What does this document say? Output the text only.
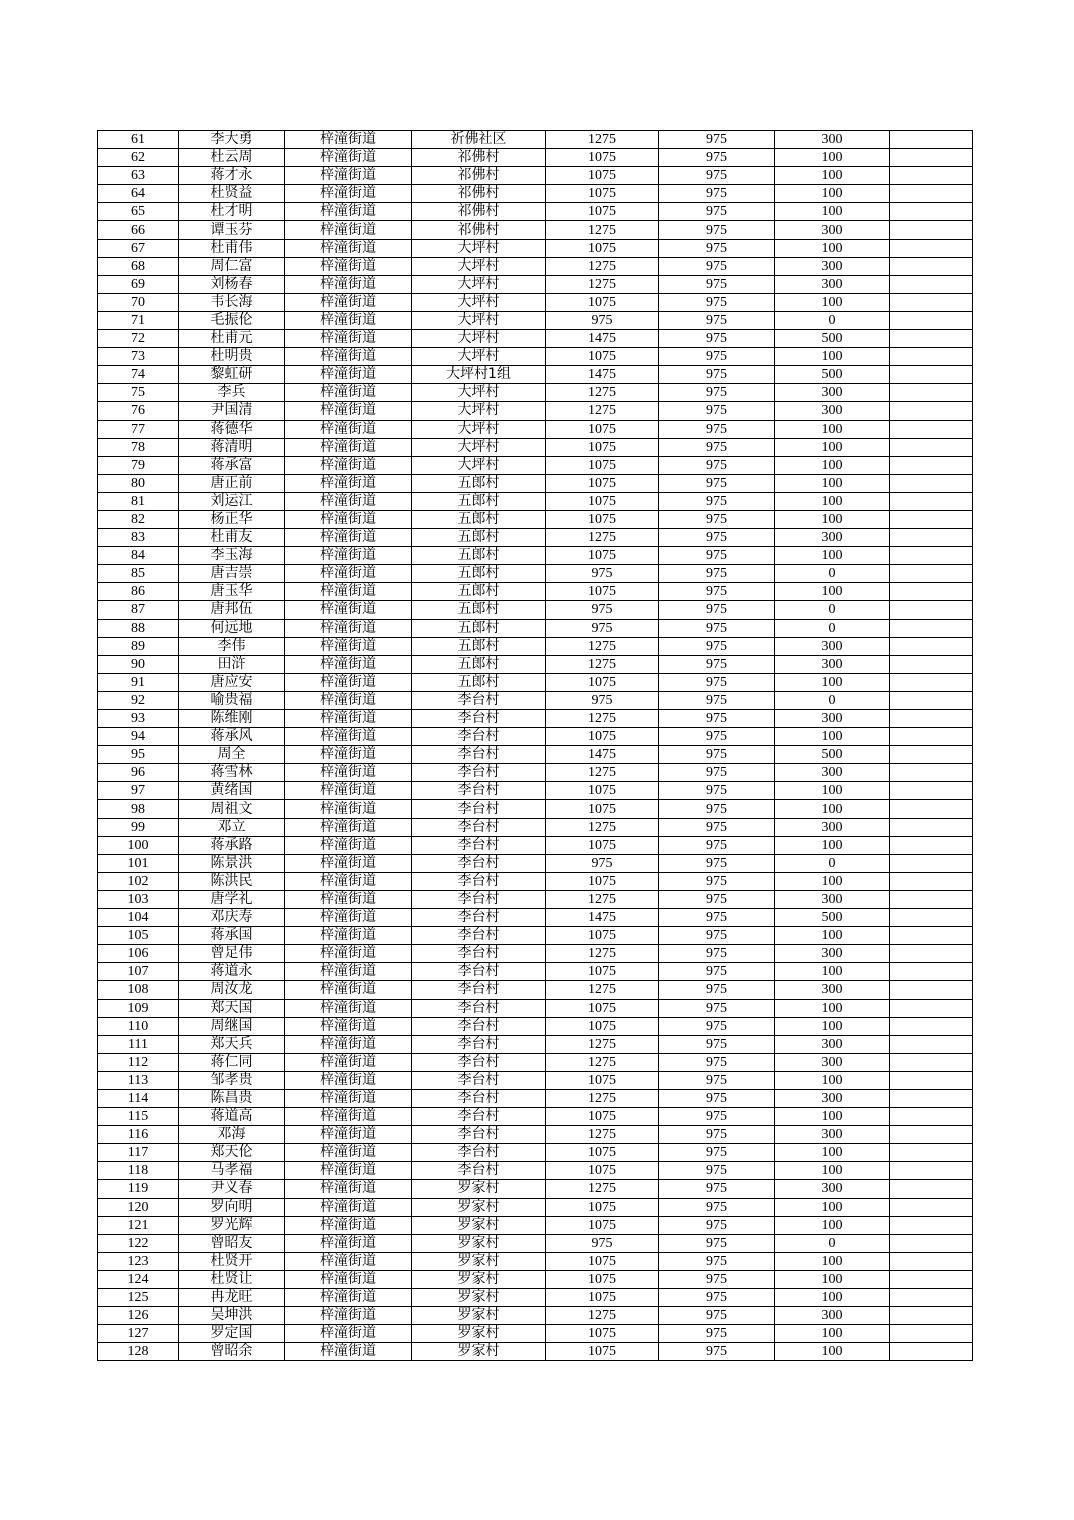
61	李大勇	梓潼街道	祈佛社区	1275	975	300	
62	杜云周	梓潼街道	祁佛村	1075	975	100	
63	蒋才永	梓潼街道	祁佛村	1075	975	100	
64	杜贤益	梓潼街道	祁佛村	1075	975	100	
65	杜才明	梓潼街道	祁佛村	1075	975	100	
66	谭玉芬	梓潼街道	祁佛村	1275	975	300	
67	杜甫伟	梓潼街道	大坪村	1075	975	100	
68	周仁富	梓潼街道	大坪村	1275	975	300	
69	刘杨春	梓潼街道	大坪村	1275	975	300	
70	韦长海	梓潼街道	大坪村	1075	975	100	
71	毛振伦	梓潼街道	大坪村	975	975	0	
72	杜甫元	梓潼街道	大坪村	1475	975	500	
73	杜明贵	梓潼街道	大坪村	1075	975	100	
74	黎虹研	梓潼街道	大坪村1组	1475	975	500	
75	李兵	梓潼街道	大坪村	1275	975	300	
76	尹国清	梓潼街道	大坪村	1275	975	300	
77	蒋德华	梓潼街道	大坪村	1075	975	100	
78	蒋清明	梓潼街道	大坪村	1075	975	100	
79	蒋承富	梓潼街道	大坪村	1075	975	100	
80	唐正前	梓潼街道	五郎村	1075	975	100	
81	刘运江	梓潼街道	五郎村	1075	975	100	
82	杨正华	梓潼街道	五郎村	1075	975	100	
83	杜甫友	梓潼街道	五郎村	1275	975	300	
84	李玉海	梓潼街道	五郎村	1075	975	100	
85	唐吉崇	梓潼街道	五郎村	975	975	0	
86	唐玉华	梓潼街道	五郎村	1075	975	100	
87	唐邦伍	梓潼街道	五郎村	975	975	0	
88	何远地	梓潼街道	五郎村	975	975	0	
89	李伟	梓潼街道	五郎村	1275	975	300	
90	田浒	梓潼街道	五郎村	1275	975	300	
91	唐应安	梓潼街道	五郎村	1075	975	100	
92	喻贵福	梓潼街道	李台村	975	975	0	
93	陈维刚	梓潼街道	李台村	1275	975	300	
94	蒋承风	梓潼街道	李台村	1075	975	100	
95	周全	梓潼街道	李台村	1475	975	500	
96	蒋雪林	梓潼街道	李台村	1275	975	300	
97	黄绪国	梓潼街道	李台村	1075	975	100	
98	周祖文	梓潼街道	李台村	1075	975	100	
99	邓立	梓潼街道	李台村	1275	975	300	
100	蒋承路	梓潼街道	李台村	1075	975	100	
101	陈景洪	梓潼街道	李台村	975	975	0	
102	陈洪民	梓潼街道	李台村	1075	975	100	
103	唐学礼	梓潼街道	李台村	1275	975	300	
104	邓庆寿	梓潼街道	李台村	1475	975	500	
105	蒋承国	梓潼街道	李台村	1075	975	100	
106	曾足伟	梓潼街道	李台村	1275	975	300	
107	蒋道永	梓潼街道	李台村	1075	975	100	
108	周汝龙	梓潼街道	李台村	1275	975	300	
109	郑天国	梓潼街道	李台村	1075	975	100	
110	周继国	梓潼街道	李台村	1075	975	100	
111	郑天兵	梓潼街道	李台村	1275	975	300	
112	蒋仁同	梓潼街道	李台村	1275	975	300	
113	邹孝贵	梓潼街道	李台村	1075	975	100	
114	陈昌贵	梓潼街道	李台村	1275	975	300	
115	蒋道高	梓潼街道	李台村	1075	975	100	
116	邓海	梓潼街道	李台村	1275	975	300	
117	郑天伦	梓潼街道	李台村	1075	975	100	
118	马孝福	梓潼街道	李台村	1075	975	100	
119	尹义春	梓潼街道	罗家村	1275	975	300	
120	罗向明	梓潼街道	罗家村	1075	975	100	
121	罗光辉	梓潼街道	罗家村	1075	975	100	
122	曾昭友	梓潼街道	罗家村	975	975	0	
123	杜贤开	梓潼街道	罗家村	1075	975	100	
124	杜贤让	梓潼街道	罗家村	1075	975	100	
125	冉龙旺	梓潼街道	罗家村	1075	975	100	
126	吴坤洪	梓潼街道	罗家村	1275	975	300	
127	罗定国	梓潼街道	罗家村	1075	975	100	
128	曾昭余	梓潼街道	罗家村	1075	975	100	
